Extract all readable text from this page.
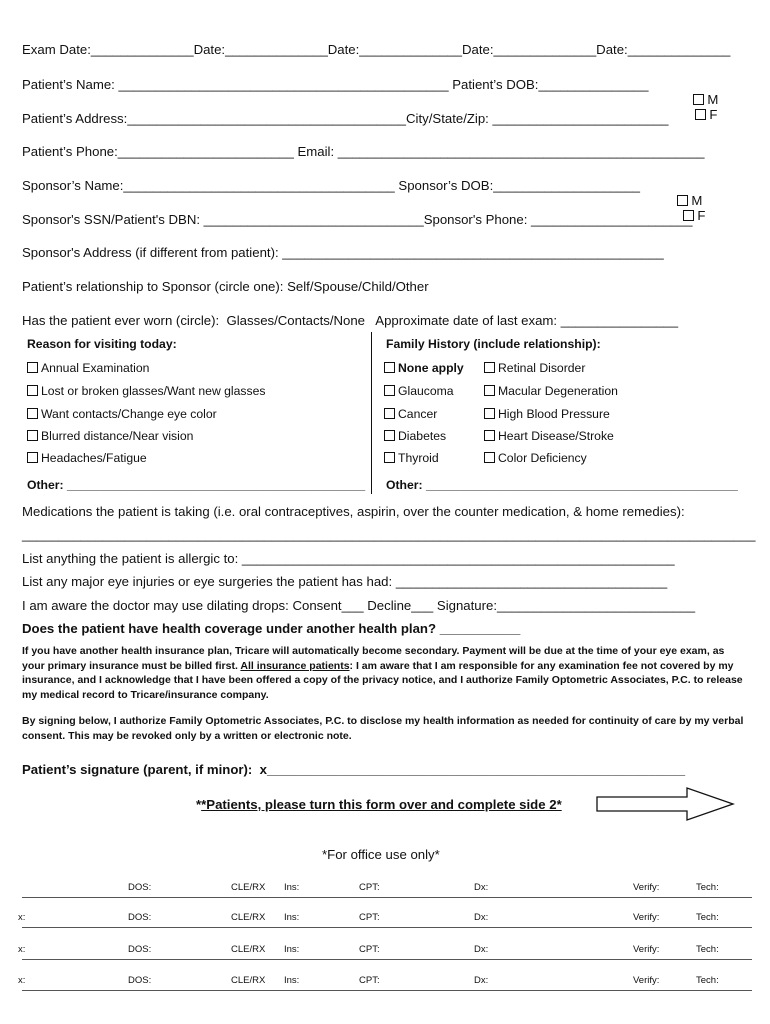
Exam Date:______________Date:______________Date:______________Date:______________Date:______________
Patient’s Name: _____________________________________________ Patient’s DOB:_______________

M
F

Patient’s Address:______________________________________City/State/Zip: ________________________
Patient’s Phone:________________________ Email: __________________________________________________
Sponsor’s Name:_____________________________________ Sponsor’s DOB:____________________

M
F

Sponsor's SSN/Patient's DBN: ______________________________Sponsor's Phone: ______________________
Sponsor's Address (if different from patient): ____________________________________________________
Patient’s relationship to Sponsor (circle one): Self/Spouse/Child/Other
Has the patient ever worn (circle):  Glasses/Contacts/None   Approximate date of last exam: ________________
Reason for visiting today:
Annual Examination
Lost or broken glasses/Want new glasses
Want contacts/Change eye color
Blurred distance/Near vision
Headaches/Fatigue
Other: ____________________________________________
Family History (include relationship):
None apply
Glaucoma
Cancer
Diabetes
Thyroid
Retinal Disorder
Macular Degeneration
High Blood Pressure
Heart Disease/Stroke
Color Deficiency
Other: ______________________________________________
Medications the patient is taking (i.e. oral contraceptives, aspirin, over the counter medication, & home remedies):
____________________________________________________________________________________________________
List anything the patient is allergic to: ___________________________________________________________
List any major eye injuries or eye surgeries the patient has had: _____________________________________
I am aware the doctor may use dilating drops: Consent___ Decline___ Signature:___________________________
Does the patient have health coverage under another health plan? ___________
If you have another health insurance plan, Tricare will automatically become secondary. Payment will be due at the time of your eye exam, as your primary insurance must be billed first. All insurance patients: I am aware that I am responsible for any examination fee not covered by my insurance, and I acknowledge that I have been offered a copy of the privacy notice, and I authorize Family Optometric Associates, P.C. to release my medical record to Tricare/insurance company.
By signing below, I authorize Family Optometric Associates, P.C. to disclose my health information as needed for continuity of care by my verbal consent. This may be revoked only by a written or electronic note.
Patient’s signature (parent, if minor):  x_________________________________________________________
**Patients, please turn this form over and complete side 2*
*For office use only*
DOS:	CLE/RX Ins:	CPT:	Dx:	Verify:	Tech:
x:	DOS:	CLE/RX Ins:	CPT:	Dx:	Verify:	Tech:
x:	DOS:	CLE/RX Ins:	CPT:	Dx:	Verify:	Tech:
x:	DOS:	CLE/RX Ins:	CPT:	Dx:	Verify:	Tech:
